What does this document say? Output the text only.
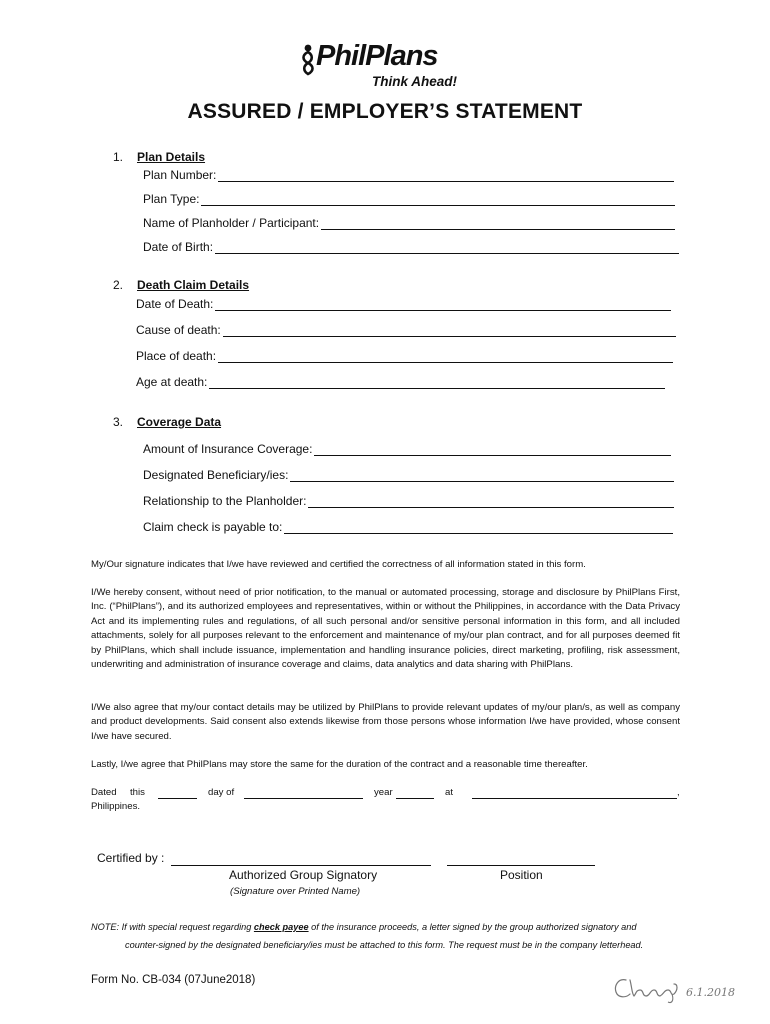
PhilPlans
Think Ahead!
ASSURED / EMPLOYER’S STATEMENT
1. Plan Details
Plan Number:
Plan Type:
Name of Planholder / Participant:
Date of Birth:
2. Death Claim Details
Date of Death:
Cause of death:
Place of death:
Age at death:
3. Coverage Data
Amount of Insurance Coverage:
Designated Beneficiary/ies:
Relationship to the Planholder:
Claim check is payable to:
My/Our signature indicates that I/we have reviewed and certified the correctness of all information stated in this form.
I/We hereby consent, without need of prior notification, to the manual or automated processing, storage and disclosure by PhilPlans First, Inc. (“PhilPlans”), and its authorized employees and representatives, within or without the Philippines, in accordance with the Data Privacy Act and its implementing rules and regulations, of all such personal and/or sensitive personal information in this form, and all included attachments, solely for all purposes relevant to the enforcement and maintenance of my/our plan contract, and for all purposes deemed fit by PhilPlans, which shall include issuance, implementation and handling insurance policies, direct marketing, profiling, risk assessment, underwriting and administration of insurance coverage and claims, data analytics and data sharing with PhilPlans.
I/We also agree that my/our contact details may be utilized by PhilPlans to provide relevant updates of my/our plan/s, as well as company and product developments. Said consent also extends likewise from those persons whose information I/we have provided, whose consent I/we have secured.
Lastly, I/we agree that PhilPlans may store the same for the duration of the contract and a reasonable time thereafter.
Dated this	day of	year	at	,
Philippines.
Certified by :
Authorized Group Signatory	Position
(Signature over Printed Name)
NOTE: If with special request regarding check payee of the insurance proceeds, a letter signed by the group authorized signatory and
counter-signed by the designated beneficiary/ies must be attached to this form. The request must be in the company letterhead.
Form No. CB-034 (07June2018)
6.1.2018
